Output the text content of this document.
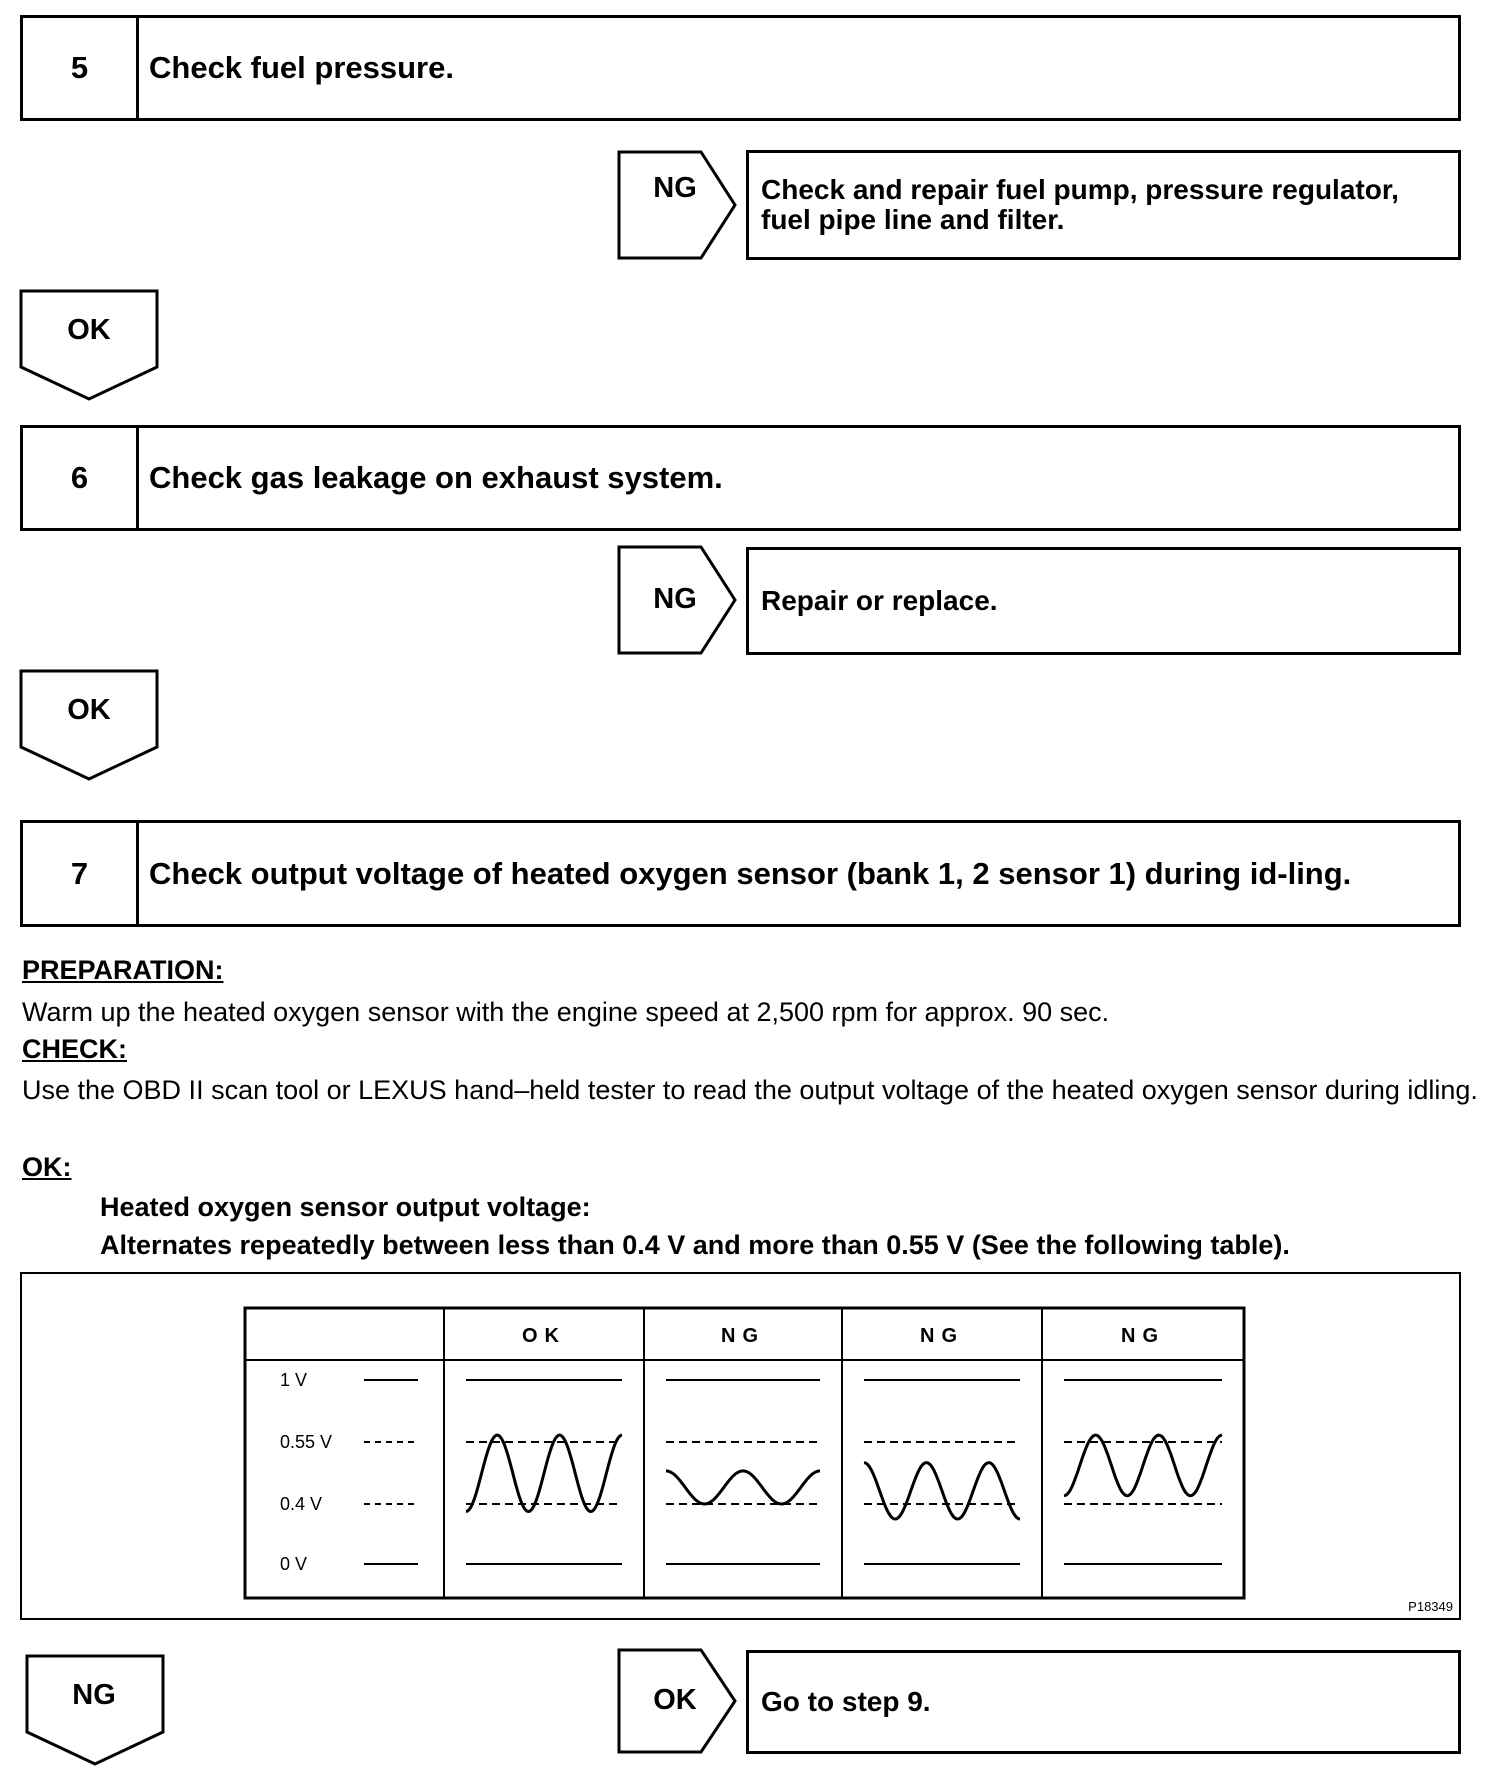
5	Check fuel pressure.
NG	Check and repair fuel pump, pressure regulator, fuel pipe line and filter.
OK
6	Check gas leakage on exhaust system.
NG	Repair or replace.
OK
7	Check output voltage of heated oxygen sensor (bank 1, 2 sensor 1) during id-ling.
PREPARATION:
Warm up the heated oxygen sensor with the engine speed at 2,500 rpm for approx. 90 sec.
CHECK:
Use the OBD II scan tool or LEXUS hand–held tester to read the output voltage of the heated oxygen sensor during idling.
OK:
Heated oxygen sensor output voltage:
Alternates repeatedly between less than 0.4 V and more than 0.55 V (See the following table).
OK	NG	NG	NG
1 V
0.55 V
0.4 V
0 V
P18349
NG	OK	Go to step 9.
